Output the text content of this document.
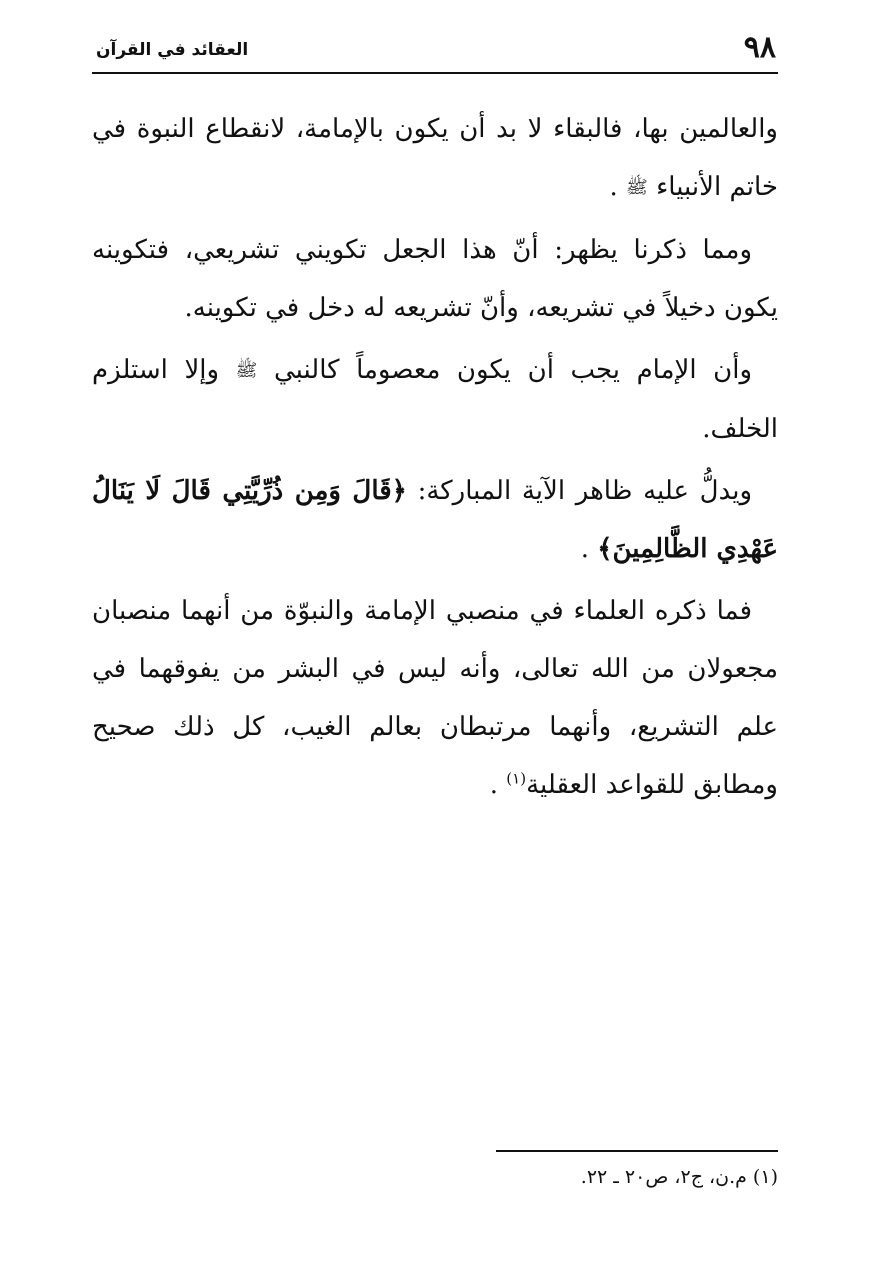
٩٨
العقائد في القرآن

والعالمين بها، فالبقاء لا بد أن يكون بالإمامة، لانقطاع النبوة في خاتم الأنبياء ﷺ .

ومما ذكرنا يظهر: أنّ هذا الجعل تكويني تشريعي، فتكوينه يكون دخيلاً في تشريعه، وأنّ تشريعه له دخل في تكوينه.

وأن الإمام يجب أن يكون معصوماً كالنبي ﷺ وإلا استلزم الخلف.

ويدلُّ عليه ظاهر الآية المباركة: ﴿قَالَ وَمِن ذُرِّيَّتِي قَالَ لَا يَنَالُ عَهْدِي الظَّالِمِينَ﴾ .

فما ذكره العلماء في منصبي الإمامة والنبوّة من أنهما منصبان مجعولان من الله تعالى، وأنه ليس في البشر من يفوقهما في علم التشريع، وأنهما مرتبطان بعالم الغيب، كل ذلك صحيح ومطابق للقواعد العقلية$^{(١)}$ .

(١) م.ن، ج٢، ص٢٠ ـ ٢٢.
